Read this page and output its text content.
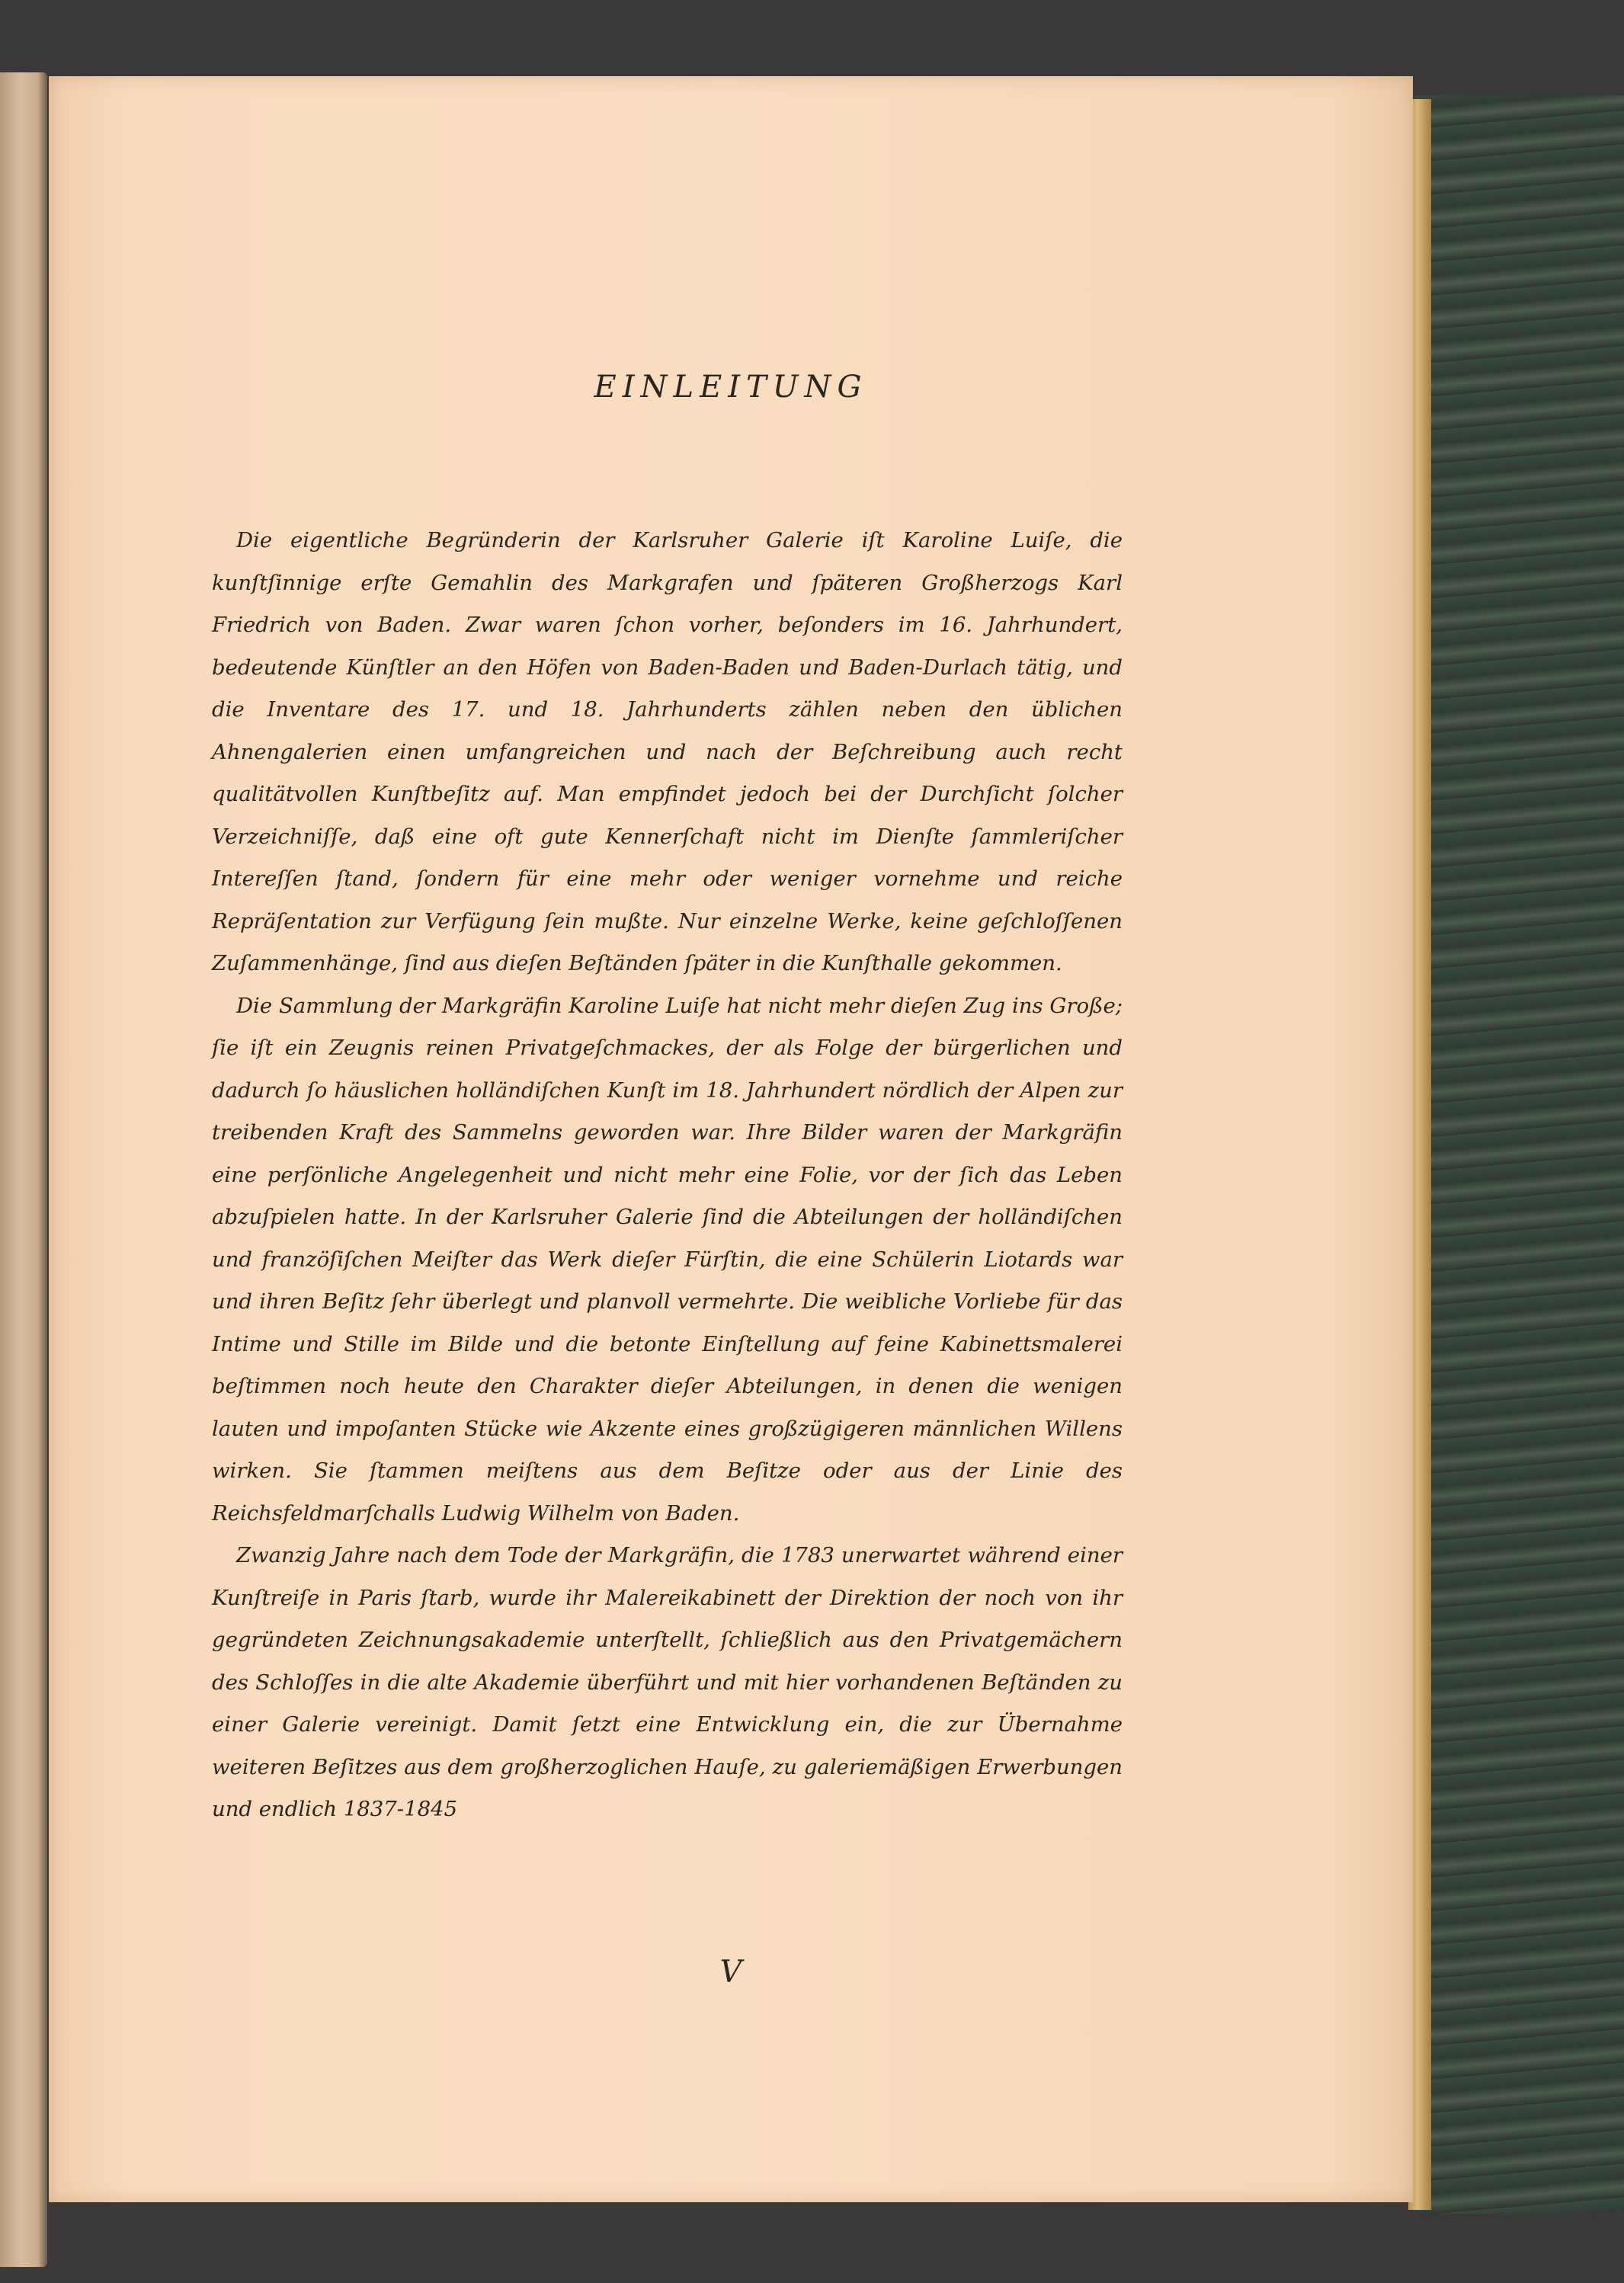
EINLEITUNG

Die eigentliche Begründerin der Karlsruher Galerie iſt Karoline Luiſe, die kunſtſinnige erſte Gemahlin des Markgrafen und ſpäteren Großherzogs Karl Friedrich von Baden. Zwar waren ſchon vorher, beſonders im 16. Jahrhundert, bedeutende Künſtler an den Höfen von Baden-Baden und Baden-Durlach tätig, und die Inventare des 17. und 18. Jahrhunderts zählen neben den üblichen Ahnengalerien einen umfangreichen und nach der Beſchreibung auch recht qualitätvollen Kunſtbeſitz auf. Man empfindet jedoch bei der Durchſicht ſolcher Verzeichniſſe, daß eine oft gute Kennerſchaft nicht im Dienſte ſammleriſcher Intereſſen ſtand, ſondern für eine mehr oder weniger vornehme und reiche Repräſentation zur Verfügung ſein mußte. Nur einzelne Werke, keine geſchloſſenen Zuſammenhänge, ſind aus dieſen Beſtänden ſpäter in die Kunſthalle gekommen.

Die Sammlung der Markgräfin Karoline Luiſe hat nicht mehr dieſen Zug ins Große; ſie iſt ein Zeugnis reinen Privatgeſchmackes, der als Folge der bürgerlichen und dadurch ſo häuslichen holländiſchen Kunſt im 18. Jahrhundert nördlich der Alpen zur treibenden Kraft des Sammelns geworden war. Ihre Bilder waren der Markgräfin eine perſönliche Angelegenheit und nicht mehr eine Folie, vor der ſich das Leben abzuſpielen hatte. In der Karlsruher Galerie ſind die Abteilungen der holländiſchen und franzöſiſchen Meiſter das Werk dieſer Fürſtin, die eine Schülerin Liotards war und ihren Beſitz ſehr überlegt und planvoll vermehrte. Die weibliche Vorliebe für das Intime und Stille im Bilde und die betonte Einſtellung auf feine Kabinettsmalerei beſtimmen noch heute den Charakter dieſer Abteilungen, in denen die wenigen lauten und impoſanten Stücke wie Akzente eines großzügigeren männlichen Willens wirken. Sie ſtammen meiſtens aus dem Beſitze oder aus der Linie des Reichsfeldmarſchalls Ludwig Wilhelm von Baden.

Zwanzig Jahre nach dem Tode der Markgräfin, die 1783 unerwartet während einer Kunſtreiſe in Paris ſtarb, wurde ihr Malereikabinett der Direktion der noch von ihr gegründeten Zeichnungsakademie unterſtellt, ſchließlich aus den Privatgemächern des Schloſſes in die alte Akademie überführt und mit hier vorhandenen Beſtänden zu einer Galerie vereinigt. Damit ſetzt eine Entwicklung ein, die zur Übernahme weiteren Beſitzes aus dem großherzoglichen Hauſe, zu galeriemäßigen Erwerbungen und endlich 1837-1845

V
